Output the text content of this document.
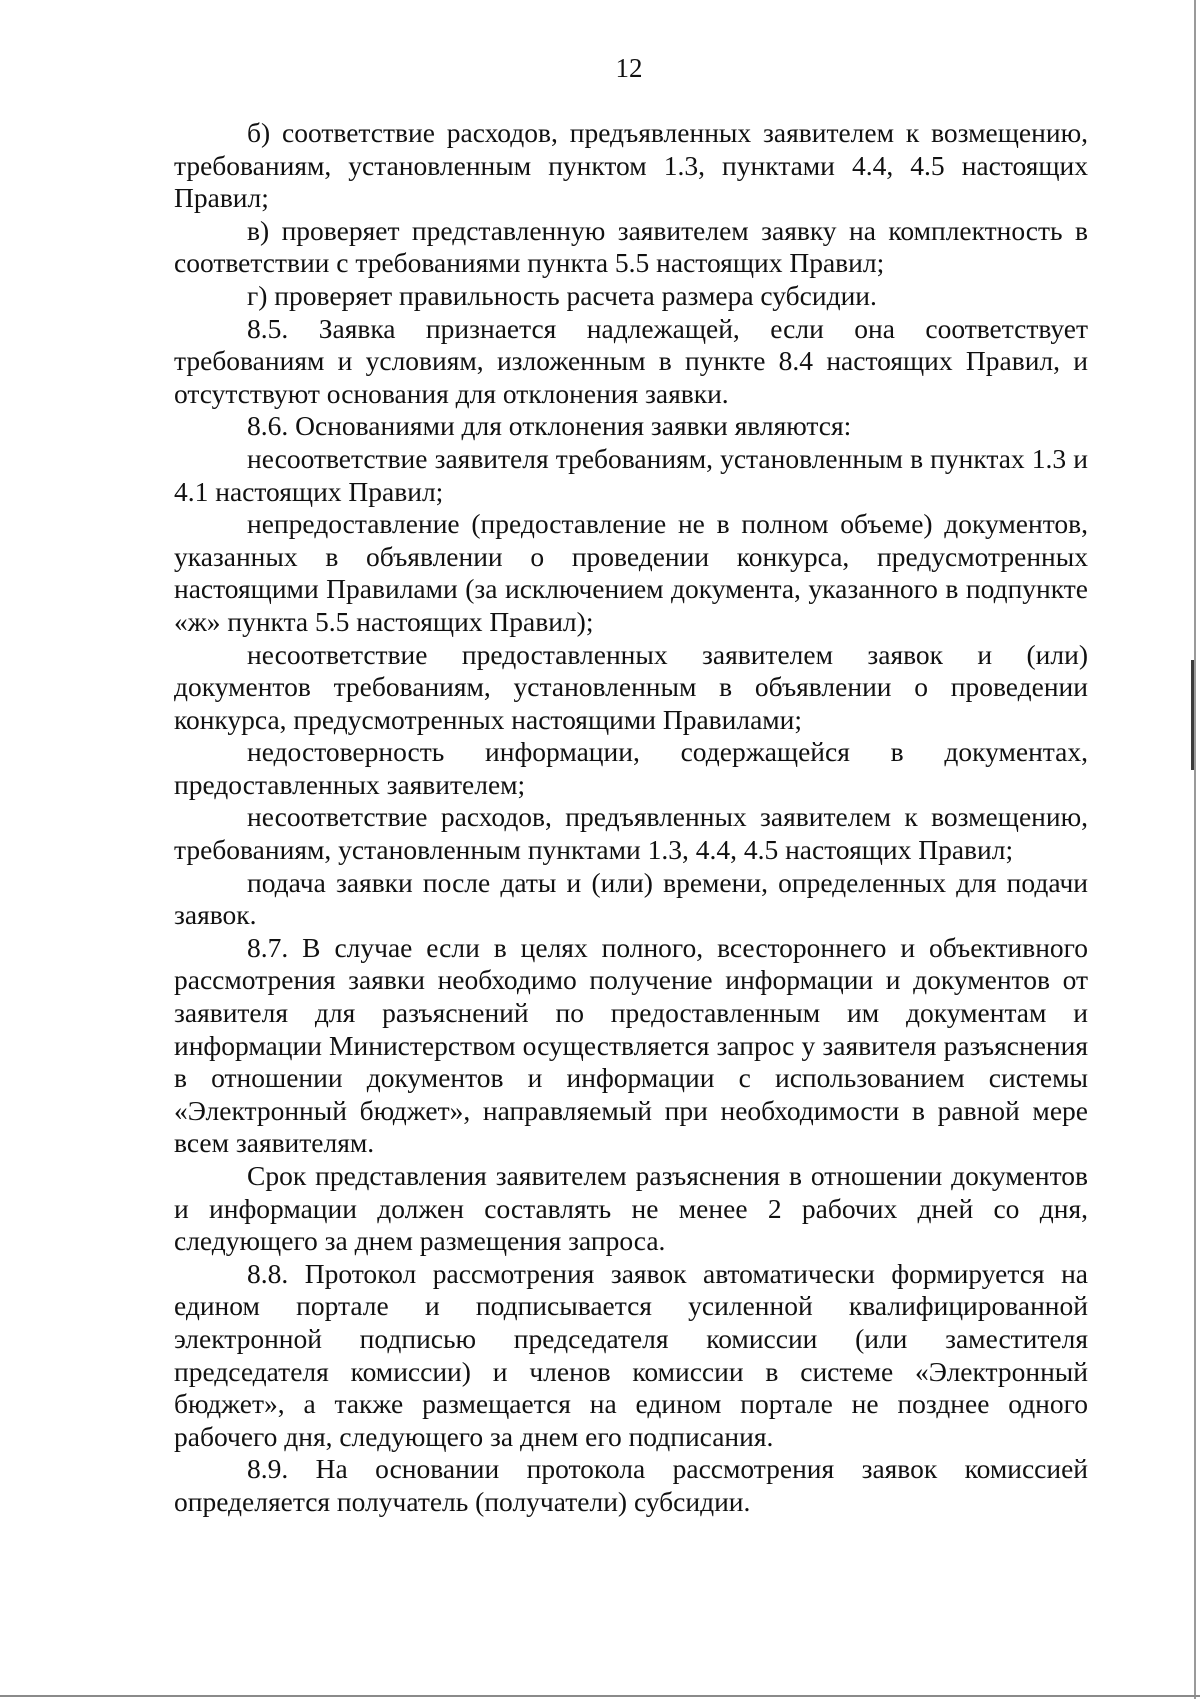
12

б) соответствие расходов, предъявленных заявителем к возмещению, требованиям, установленным пунктом 1.3, пунктами 4.4, 4.5 настоящих Правил;

в) проверяет представленную заявителем заявку на комплектность в соответствии с требованиями пункта 5.5 настоящих Правил;

г) проверяет правильность расчета размера субсидии.

8.5. Заявка признается надлежащей, если она соответствует требованиям и условиям, изложенным в пункте 8.4 настоящих Правил, и отсутствуют основания для отклонения заявки.

8.6. Основаниями для отклонения заявки являются:

несоответствие заявителя требованиям, установленным в пунктах 1.3 и 4.1 настоящих Правил;

непредоставление (предоставление не в полном объеме) документов, указанных в объявлении о проведении конкурса, предусмотренных настоящими Правилами (за исключением документа, указанного в подпункте «ж» пункта 5.5 настоящих Правил);

несоответствие предоставленных заявителем заявок и (или) документов требованиям, установленным в объявлении о проведении конкурса, предусмотренных настоящими Правилами;

недостоверность информации, содержащейся в документах, предоставленных заявителем;

несоответствие расходов, предъявленных заявителем к возмещению, требованиям, установленным пунктами 1.3, 4.4, 4.5 настоящих Правил;

подача заявки после даты и (или) времени, определенных для подачи заявок.

8.7. В случае если в целях полного, всестороннего и объективного рассмотрения заявки необходимо получение информации и документов от заявителя для разъяснений по предоставленным им документам и информации Министерством осуществляется запрос у заявителя разъяснения в отношении документов и информации с использованием системы «Электронный бюджет», направляемый при необходимости в равной мере всем заявителям.

Срок представления заявителем разъяснения в отношении документов и информации должен составлять не менее 2 рабочих дней со дня, следующего за днем размещения запроса.

8.8. Протокол рассмотрения заявок автоматически формируется на едином портале и подписывается усиленной квалифицированной электронной подписью председателя комиссии (или заместителя председателя комиссии) и членов комиссии в системе «Электронный бюджет», а также размещается на едином портале не позднее одного рабочего дня, следующего за днем его подписания.

8.9. На основании протокола рассмотрения заявок комиссией определяется получатель (получатели) субсидии.
